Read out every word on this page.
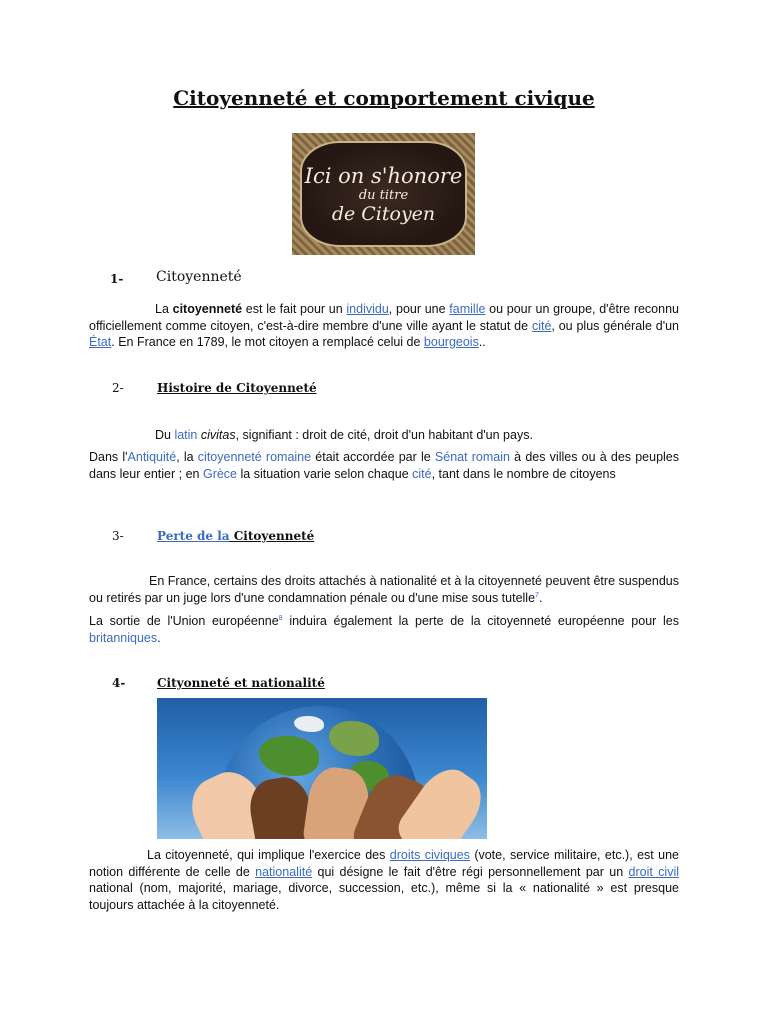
Citoyenneté et comportement civique
Ici on s'honore
du titre
de Citoyen
1- Citoyenneté
La citoyenneté est le fait pour un individu, pour une famille ou pour un groupe, d'être reconnu officiellement comme citoyen, c'est-à-dire membre d'une ville ayant le statut de cité, ou plus générale d'un État. En France en 1789, le mot citoyen a remplacé celui de bourgeois..
2-	Histoire de Citoyenneté
Du latin civitas, signifiant : droit de cité, droit d'un habitant d'un pays.
Dans l'Antiquité, la citoyenneté romaine était accordée par le Sénat romain à des villes ou à des peuples dans leur entier ; en Grèce la situation varie selon chaque cité, tant dans le nombre de citoyens
3-	Perte de la Citoyenneté
En France, certains des droits attachés à nationalité et à la citoyenneté peuvent être suspendus ou retirés par un juge lors d'une condamnation pénale ou d'une mise sous tutelle$^7$.
La sortie de l'Union européenne$^8$ induira également la perte de la citoyenneté européenne pour les britanniques.
4-	Cityonneté et nationalité
La citoyenneté, qui implique l'exercice des droits civiques (vote, service militaire, etc.), est une notion différente de celle de nationalité qui désigne le fait d'être régi personnellement par un droit civil national (nom, majorité, mariage, divorce, succession, etc.), même si la « nationalité » est presque toujours attachée à la citoyenneté.
